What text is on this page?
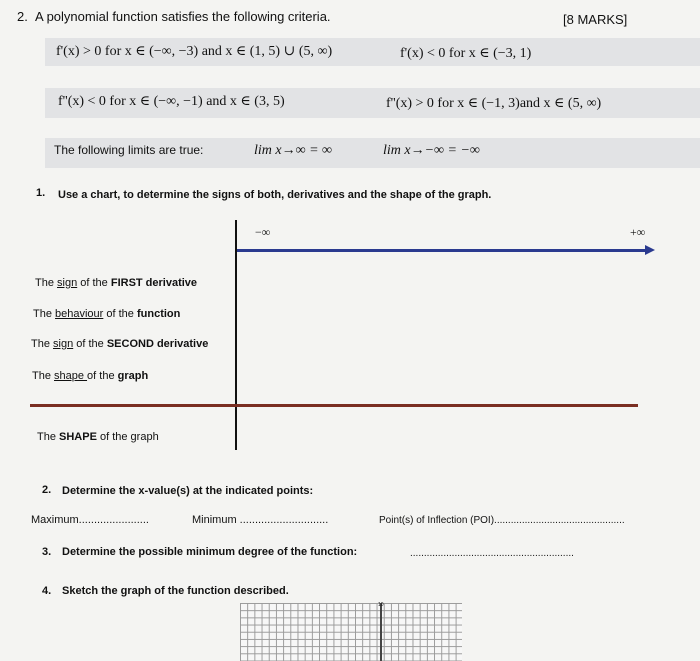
2. A polynomial function satisfies the following criteria.	[8 MARKS]
f'(x) > 0 for x ∈ (−∞, −3) and x ∈ (1, 5) ∪ (5, ∞)	f'(x) < 0 for x ∈ (−3, 1)
f''(x) < 0 for x ∈ (−∞, −1) and x ∈ (3, 5)	f''(x) > 0 for x ∈ (−1, 3)and x ∈ (5, ∞)
The following limits are true:	lim x→∞ = ∞	lim x→−∞ = −∞
1. Use a chart, to determine the signs of both, derivatives and the shape of the graph.
−∞	+∞
The sign of the FIRST derivative
The behaviour of the function
The sign of the SECOND derivative
The shape of the graph
The SHAPE of the graph
2. Determine the x-value(s) at the indicated points:
Maximum.......................	Minimum .............................	Point(s) of Inflection (POI)...............................................
3. Determine the possible minimum degree of the function:	...........................................................
4. Sketch the graph of the function described.
10
